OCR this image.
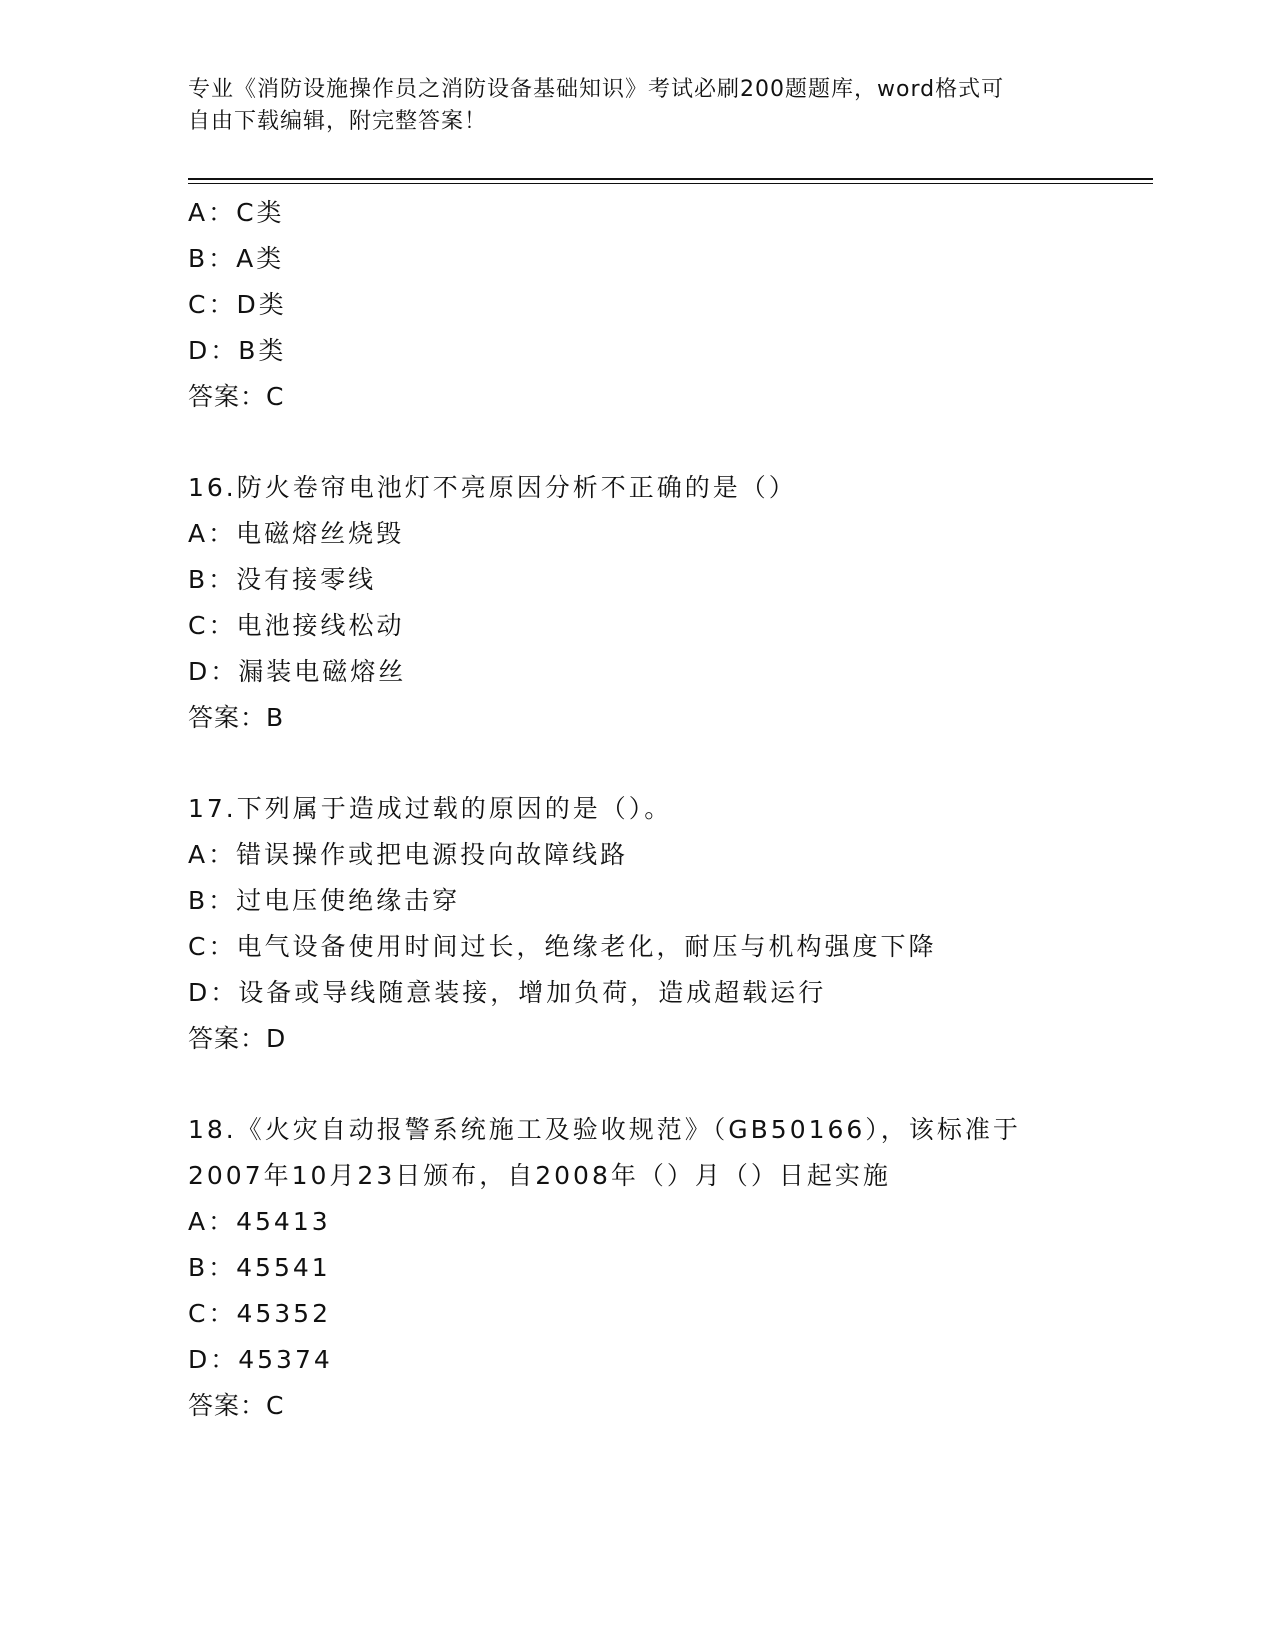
专业《消防设施操作员之消防设备基础知识》考试必刷200题题库，word格式可
自由下载编辑，附完整答案！
A：C类
B：A类
C：D类
D：B类
答案：C
16.防火卷帘电池灯不亮原因分析不正确的是（）
A：电磁熔丝烧毁
B：没有接零线
C：电池接线松动
D：漏装电磁熔丝
答案：B
17.下列属于造成过载的原因的是（）。
A：错误操作或把电源投向故障线路
B：过电压使绝缘击穿
C：电气设备使用时间过长，绝缘老化，耐压与机构强度下降
D：设备或导线随意装接，增加负荷，造成超载运行
答案：D
18.《火灾自动报警系统施工及验收规范》（GB50166），该标准于
2007年10月23日颁布，自2008年（）月（）日起实施
A：45413
B：45541
C：45352
D：45374
答案：C
